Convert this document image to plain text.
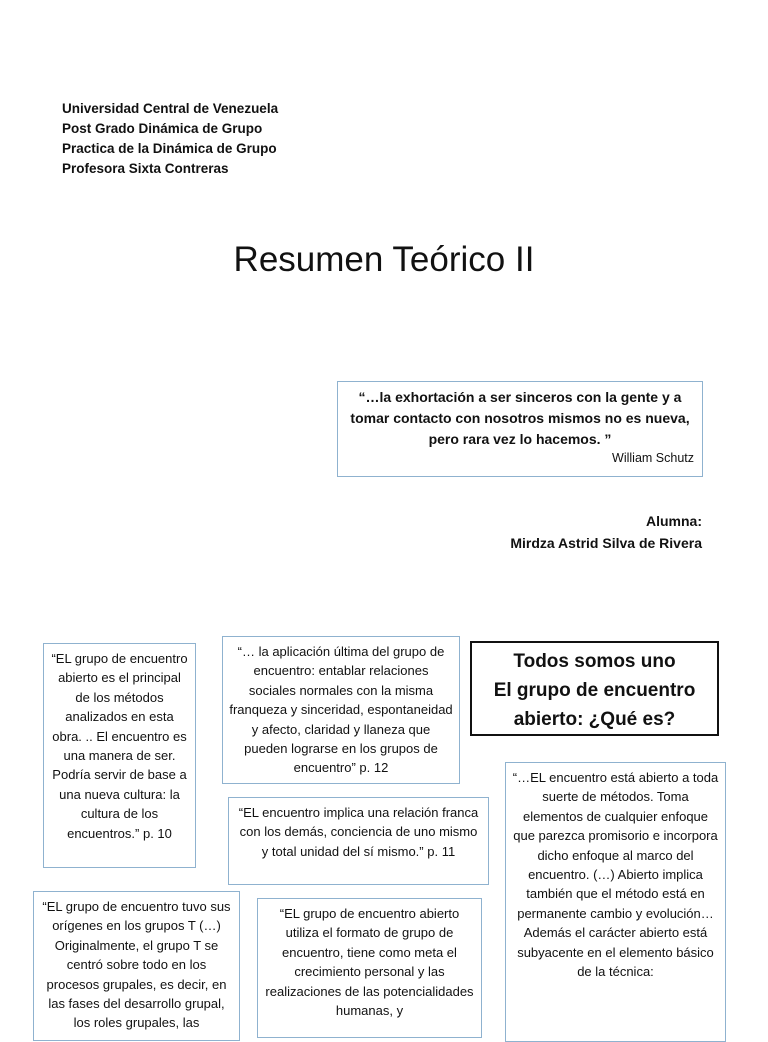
Universidad Central de Venezuela
Post Grado Dinámica de Grupo
Practica de la Dinámica de Grupo
Profesora Sixta Contreras
Resumen Teórico II
“…la exhortación a ser sinceros con la gente y a tomar contacto con nosotros mismos no es nueva, pero rara vez lo hacemos. ”
William Schutz
Alumna:
Mirdza Astrid Silva de Rivera
“EL grupo de encuentro abierto es el principal de los métodos analizados en esta obra. .. El encuentro es una manera de ser. Podría servir de base a una nueva cultura: la cultura de los encuentros.” p. 10
“… la aplicación última del grupo de encuentro: entablar relaciones sociales normales con la misma franqueza y sinceridad, espontaneidad y afecto, claridad y llaneza que pueden lograrse en los grupos de encuentro” p. 12
“EL encuentro implica una relación franca con los demás, conciencia de uno mismo y total unidad del sí mismo.” p. 11
Todos somos uno
El grupo de encuentro
abierto: ¿Qué es?
“…EL encuentro está abierto a toda suerte de métodos. Toma elementos de cualquier enfoque que parezca promisorio e incorpora dicho enfoque al marco del encuentro. (…) Abierto implica también que el método está en permanente cambio y evolución… Además el carácter abierto está subyacente en el elemento básico de la técnica:
“EL grupo de encuentro tuvo sus orígenes en los grupos T (…) Originalmente, el grupo T se centró sobre todo en los procesos grupales, es decir, en las fases del desarrollo grupal, los roles grupales, las
“EL grupo de encuentro abierto utiliza el formato de grupo de encuentro, tiene como meta el crecimiento personal y las realizaciones de las potencialidades humanas, y
